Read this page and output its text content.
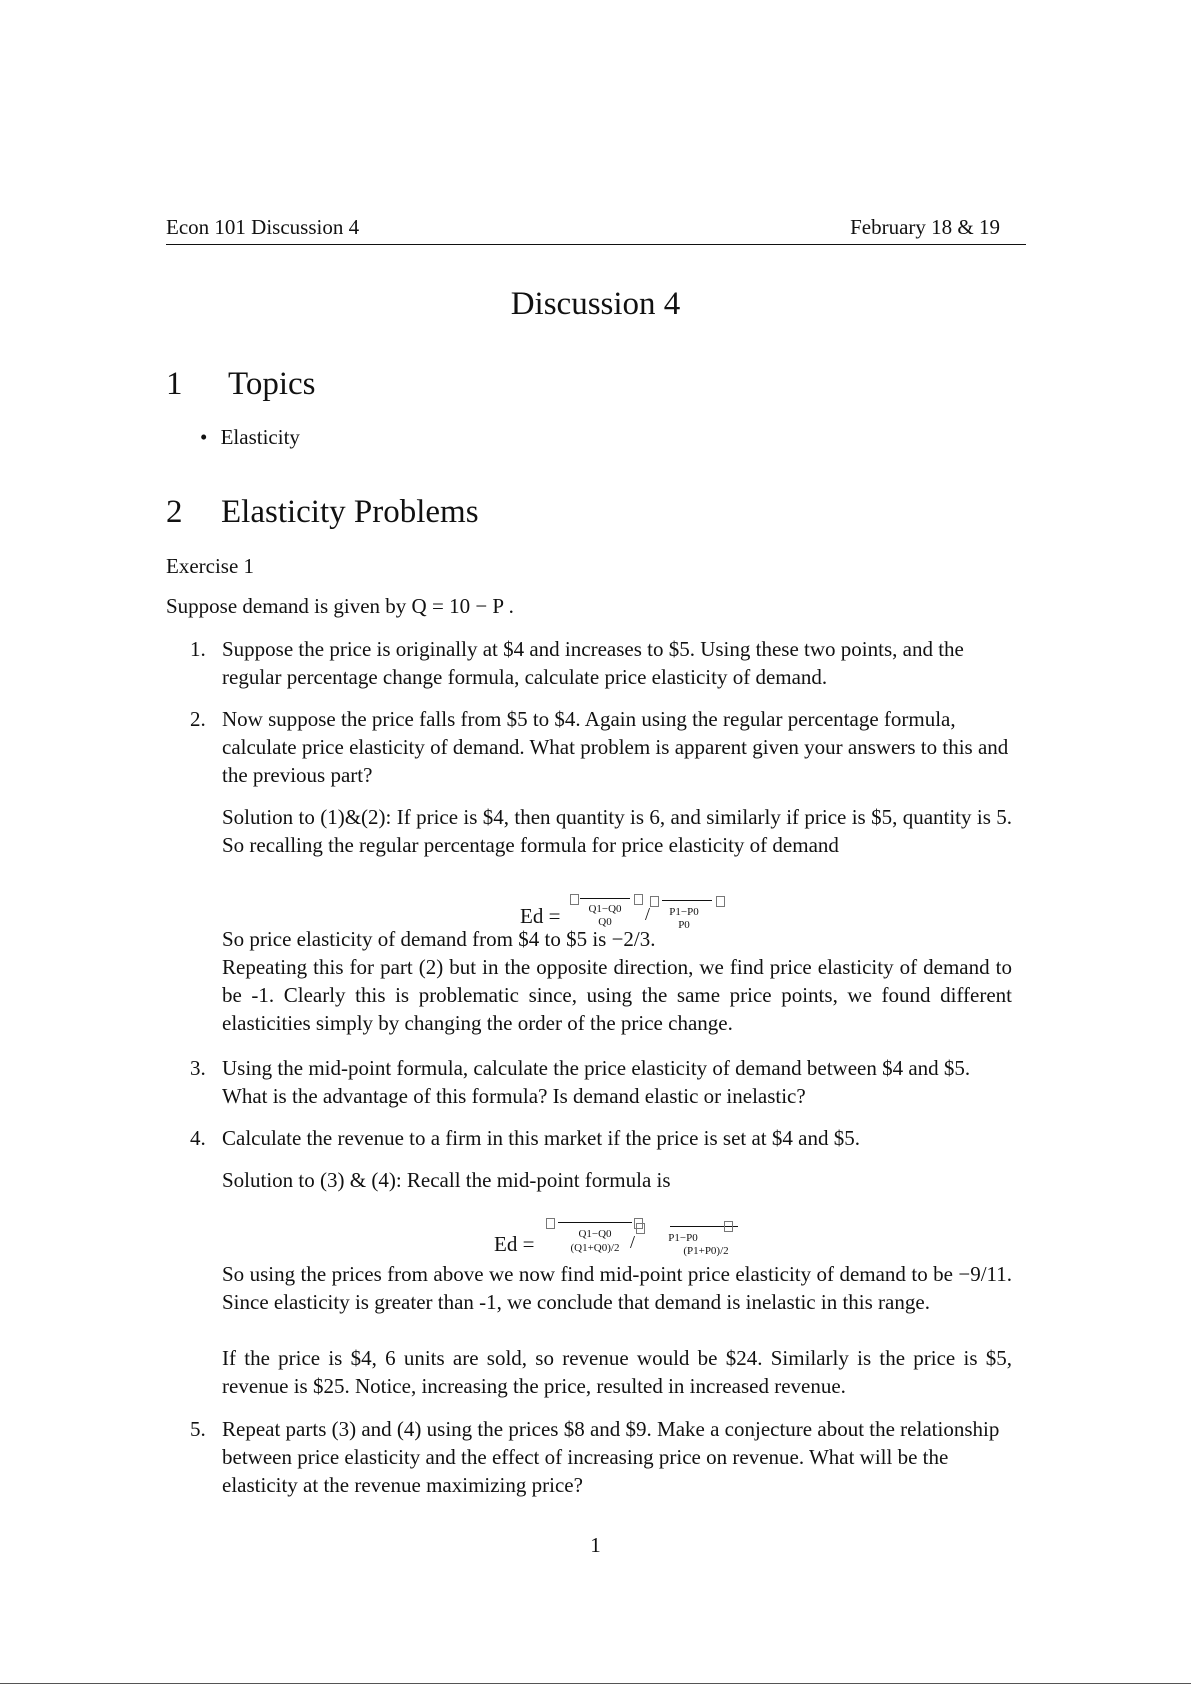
Econ 101 Discussion 4	February 18 & 19
Discussion 4
1 Topics
• Elasticity
2 Elasticity Problems
Exercise 1
Suppose demand is given by Q = 10 − P .
1. Suppose the price is originally at $4 and increases to $5. Using these two points, and the regular percentage change formula, calculate price elasticity of demand.
2. Now suppose the price falls from $5 to $4. Again using the regular percentage formula, calculate price elasticity of demand. What problem is apparent given your answers to this and the previous part?
Solution to (1)&(2): If price is $4, then quantity is 6, and similarly if price is $5, quantity is 5. So recalling the regular percentage formula for price elasticity of demand
Ed =	Q1−Q0
Q0	/	P1−P0
P0
So price elasticity of demand from $4 to $5 is −2/3.
Repeating this for part (2) but in the opposite direction, we find price elasticity of demand to be -1. Clearly this is problematic since, using the same price points, we found different elasticities simply by changing the order of the price change.
3. Using the mid-point formula, calculate the price elasticity of demand between $4 and $5. What is the advantage of this formula? Is demand elastic or inelastic?
4. Calculate the revenue to a firm in this market if the price is set at $4 and $5.
Solution to (3) & (4): Recall the mid-point formula is
Ed =	Q1−Q0
(Q1+Q0)/2 /	P1−P0
(P1+P0)/2
So using the prices from above we now find mid-point price elasticity of demand to be −9/11. Since elasticity is greater than -1, we conclude that demand is inelastic in this range.
If the price is $4, 6 units are sold, so revenue would be $24. Similarly is the price is $5, revenue is $25. Notice, increasing the price, resulted in increased revenue.
5. Repeat parts (3) and (4) using the prices $8 and $9. Make a conjecture about the relationship between price elasticity and the effect of increasing price on revenue. What will be the elasticity at the revenue maximizing price?
1
